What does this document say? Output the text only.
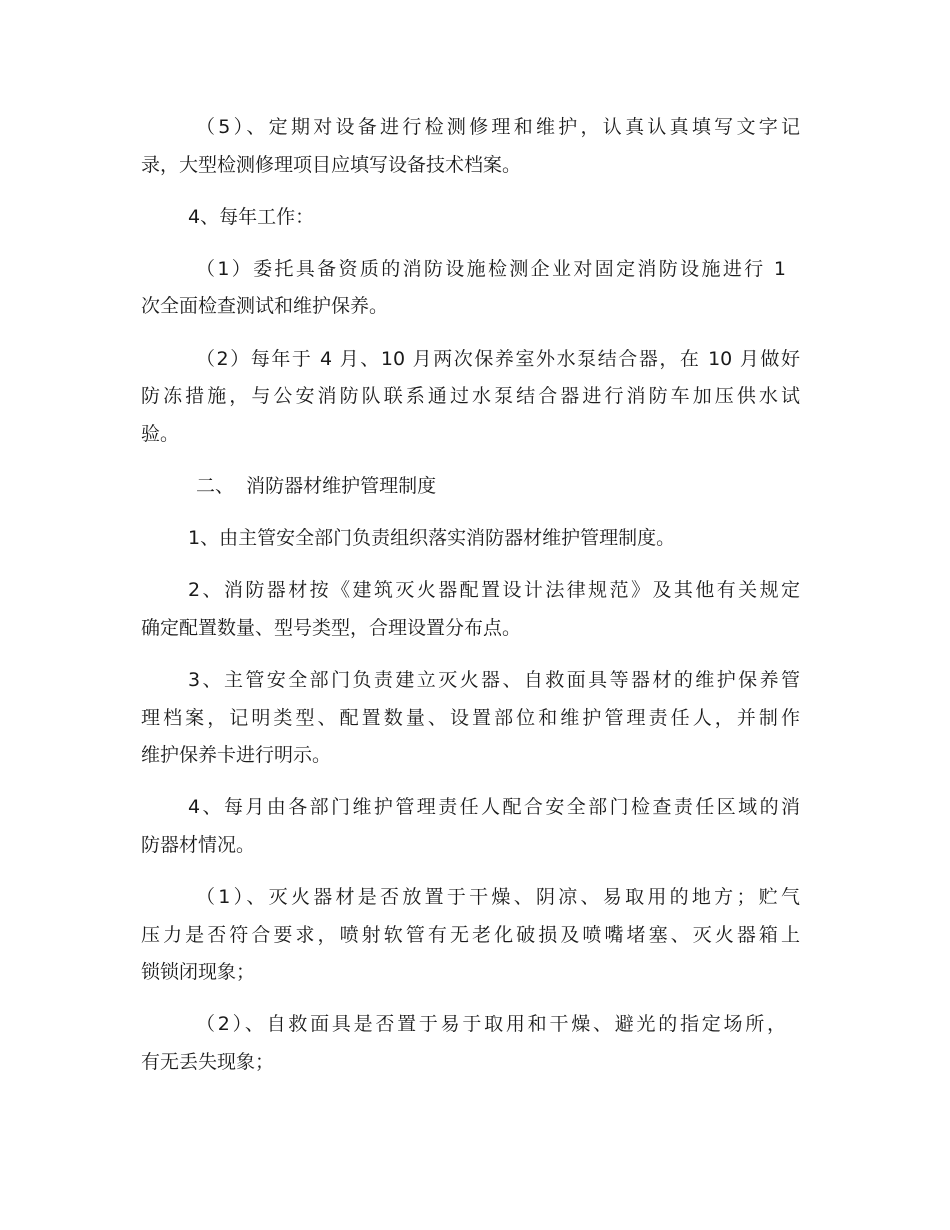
（5）、定期对设备进行检测修理和维护，认真认真填写文字记
录，大型检测修理项目应填写设备技术档案。
4、每年工作：
（1）委托具备资质的消防设施检测企业对固定消防设施进行 1
次全面检查测试和维护保养。
（2）每年于 4 月、10 月两次保养室外水泵结合器，在 10 月做好
防冻措施，与公安消防队联系通过水泵结合器进行消防车加压供水试
验。
二、  消防器材维护管理制度
1、由主管安全部门负责组织落实消防器材维护管理制度。
2、消防器材按《建筑灭火器配置设计法律规范》及其他有关规定
确定配置数量、型号类型，合理设置分布点。
3、主管安全部门负责建立灭火器、自救面具等器材的维护保养管
理档案，记明类型、配置数量、设置部位和维护管理责任人，并制作
维护保养卡进行明示。
4、每月由各部门维护管理责任人配合安全部门检查责任区域的消
防器材情况。
（1）、灭火器材是否放置于干燥、阴凉、易取用的地方；贮气
压力是否符合要求，喷射软管有无老化破损及喷嘴堵塞、灭火器箱上
锁锁闭现象；
（2）、自救面具是否置于易于取用和干燥、避光的指定场所，
有无丢失现象；
